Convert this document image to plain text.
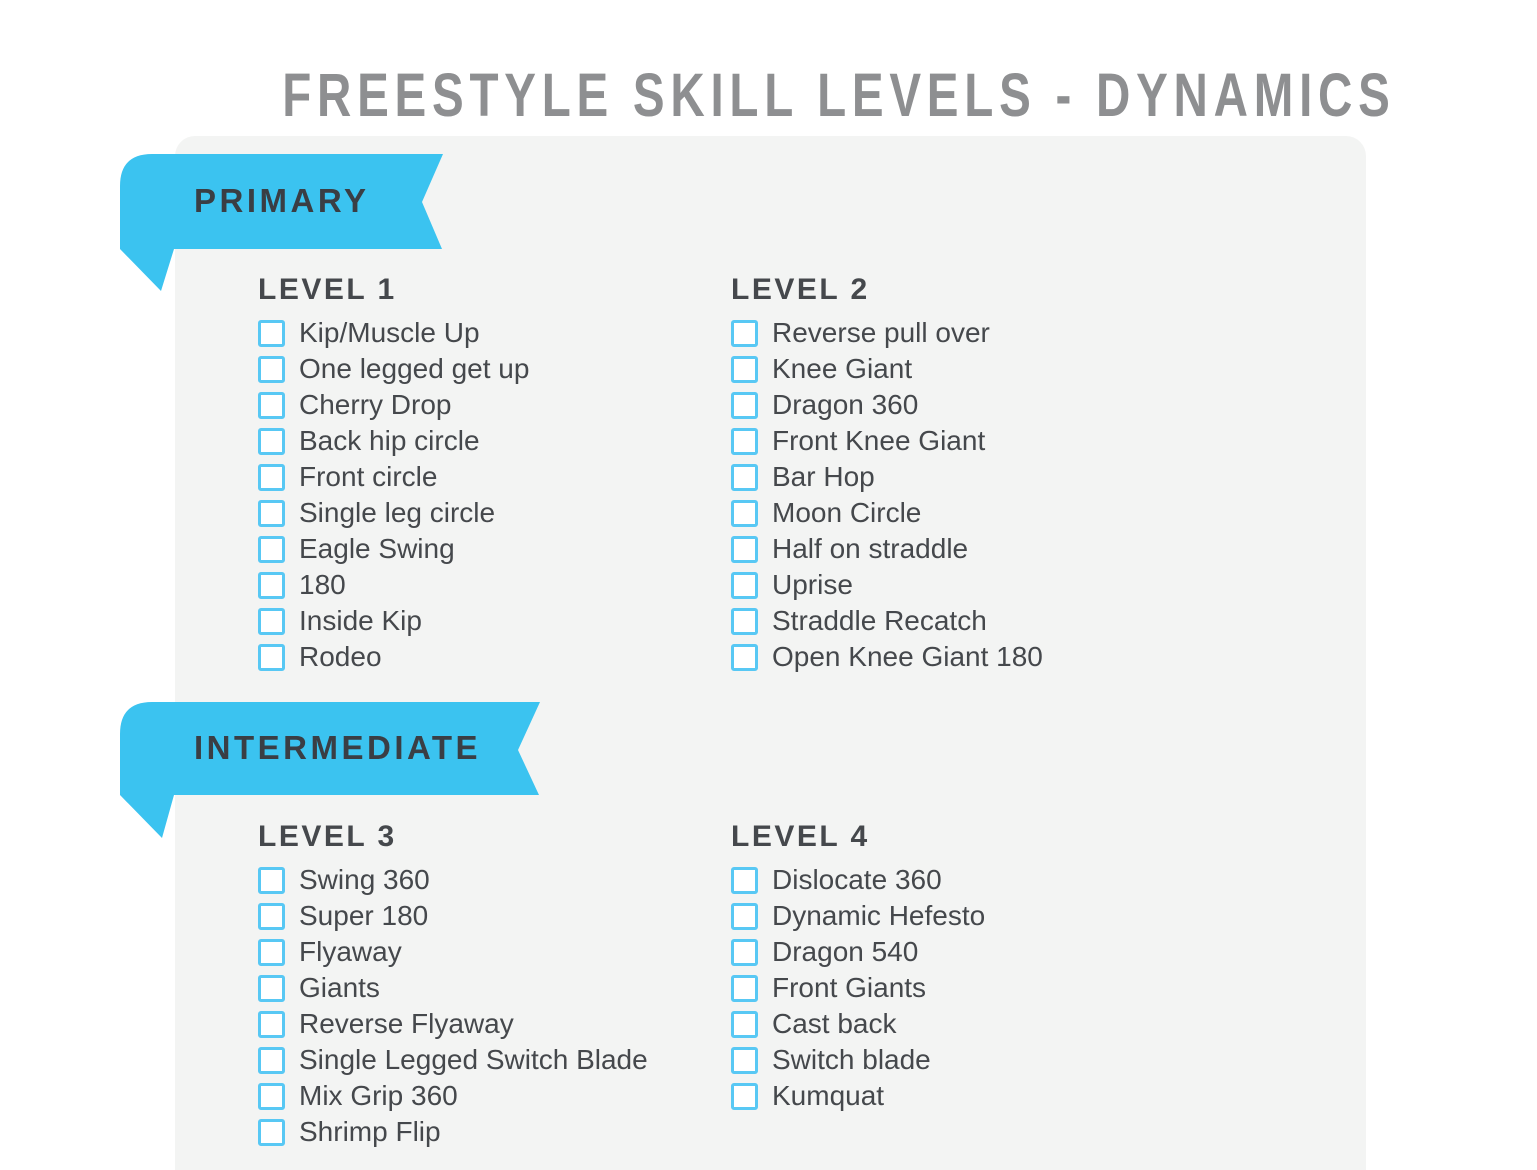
FREESTYLE SKILL LEVELS - DYNAMICS
PRIMARY
INTERMEDIATE
LEVEL 1
Kip/Muscle Up
One legged get up
Cherry Drop
Back hip circle
Front circle
Single leg circle
Eagle Swing
180
Inside Kip
Rodeo
LEVEL 2
Reverse pull over
Knee Giant
Dragon 360
Front Knee Giant
Bar Hop
Moon Circle
Half on straddle
Uprise
Straddle Recatch
Open Knee Giant 180
LEVEL 3
Swing 360
Super 180
Flyaway
Giants
Reverse Flyaway
Single Legged Switch Blade
Mix Grip 360
Shrimp Flip
LEVEL 4
Dislocate 360
Dynamic Hefesto
Dragon 540
Front Giants
Cast back
Switch blade
Kumquat
